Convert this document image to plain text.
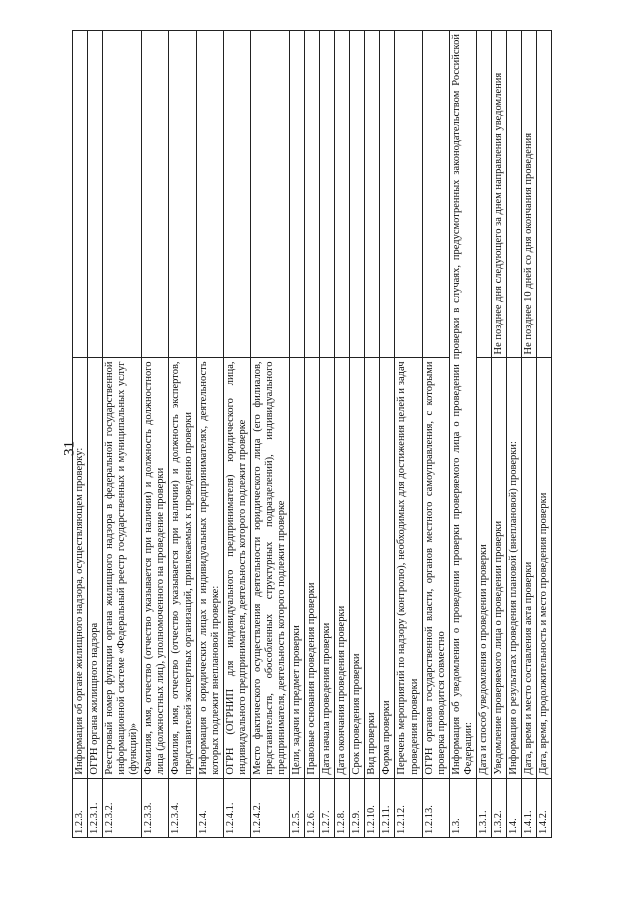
31
1.2.3.	Информация об органе жилищного надзора, осуществляющем проверку:	
1.2.3.1.	ОГРН органа жилищного надзора	
1.2.3.2.	Реестровый номер функции органа жилищного надзора в федеральной государственной информационной системе «Федеральный реестр государственных и муниципальных услуг (функций)»	
1.2.3.3.	Фамилия, имя, отчество (отчество указывается при наличии) и должность должностного лица (должностных лиц), уполномоченного на проведение проверки	
1.2.3.4.	Фамилия, имя, отчество (отчество указывается при наличии) и должность экспертов, представителей экспертных организаций, привлекаемых к проведению проверки	
1.2.4.	Информация о юридических лицах и индивидуальных предпринимателях, деятельность которых подлежит внеплановой проверке:	
1.2.4.1.	ОГРН (ОГРНИП для индивидуального предпринимателя) юридического лица, индивидуального предпринимателя, деятельность которого подлежит проверке	
1.2.4.2.	Место фактического осуществления деятельности юридического лица (его филиалов, представительств, обособленных структурных подразделений), индивидуального предпринимателя, деятельность которого подлежит проверке	
1.2.5.	Цели, задачи и предмет проверки	
1.2.6.	Правовые основания проведения проверки	
1.2.7.	Дата начала проведения проверки	
1.2.8.	Дата окончания проведения проверки	
1.2.9.	Срок проведения проверки	
1.2.10.	Вид проверки	
1.2.11.	Форма проверки	
1.2.12.	Перечень мероприятий по надзору (контролю), необходимых для достижения целей и задач проведения проверки	
1.2.13.	ОГРН органов государственной власти, органов местного самоуправления, с которыми проверка проводится совместно	
1.3.	Информация об уведомлении о проведении проверки проверяемого лица о проведении проверки в случаях, предусмотренных законодательством Российской Федерации:	
1.3.1.	Дата и способ уведомления о проведении проверки	
1.3.2.	Уведомление проверяемого лица о проведении проверки	Не позднее дня следующего за днем направления уведомления
1.4.	Информация о результатах проведения плановой (внеплановой) проверки:	
1.4.1.	Дата, время и место составления акта проверки	Не позднее 10 дней со дня окончания проведения
1.4.2.	Дата, время, продолжительность и место проведения проверки	
